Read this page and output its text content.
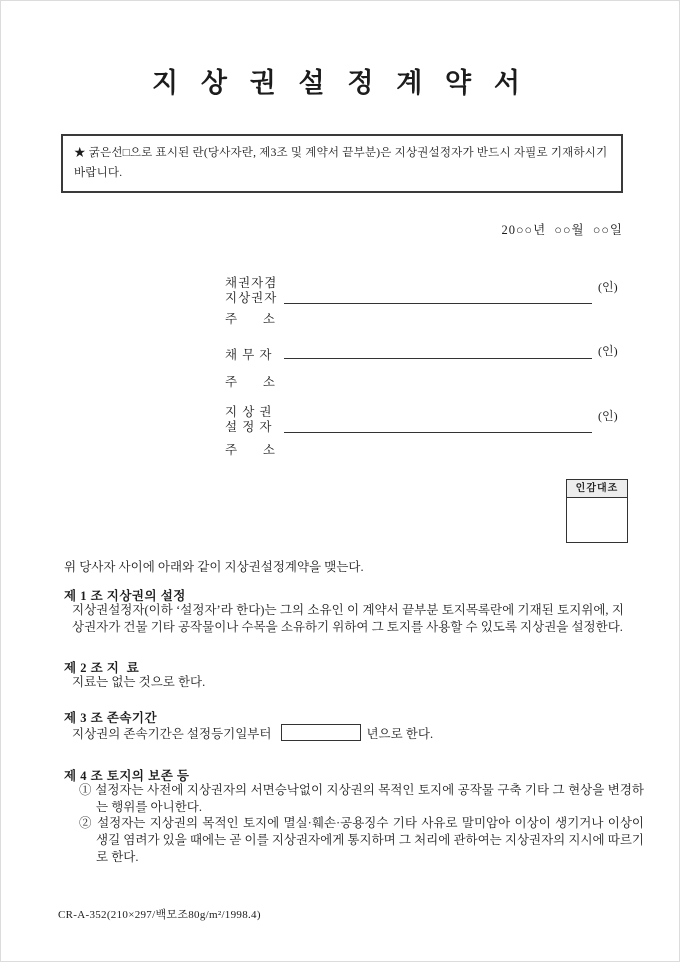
지 상 권 설 정 계 약 서
★ 굵은선□으로 표시된 란(당사자란, 제3조 및 계약서 끝부분)은 지상권설정자가 반드시 자필로 기재하시기 바랍니다.
20○○년  ○○월  ○○일
채권자겸
지상권자
(인)
주      소
채 무 자	(인)
주      소
지 상 권
설 정 자
(인)
주      소
인감대조
위 당사자 사이에 아래와 같이 지상권설정계약을 맺는다.
제 1 조 지상권의 설정
지상권설정자(이하 ‘설정자’라 한다)는 그의 소유인 이 계약서 끝부분 토지목록란에 기재된 토지위에, 지상권자가 건물 기타 공작물이나 수목을 소유하기 위하여 그 토지를 사용할 수 있도록 지상권을 설정한다.
제 2 조 지  료
지료는 없는 것으로 한다.
제 3 조 존속기간
지상권의 존속기간은 설정등기일부터	년으로 한다.
제 4 조 토지의 보존 등
① 설정자는 사전에 지상권자의 서면승낙없이 지상권의 목적인 토지에 공작물 구축 기타 그 현상을 변경하는 행위를 아니한다.
② 설정자는 지상권의 목적인 토지에 멸실·훼손·공용징수 기타 사유로 말미암아 이상이 생기거나 이상이 생길 염려가 있을 때에는 곧 이를 지상권자에게 통지하며 그 처리에 관하여는 지상권자의 지시에 따르기로 한다.
CR-A-352(210×297/백모조80g/m²/1998.4)
